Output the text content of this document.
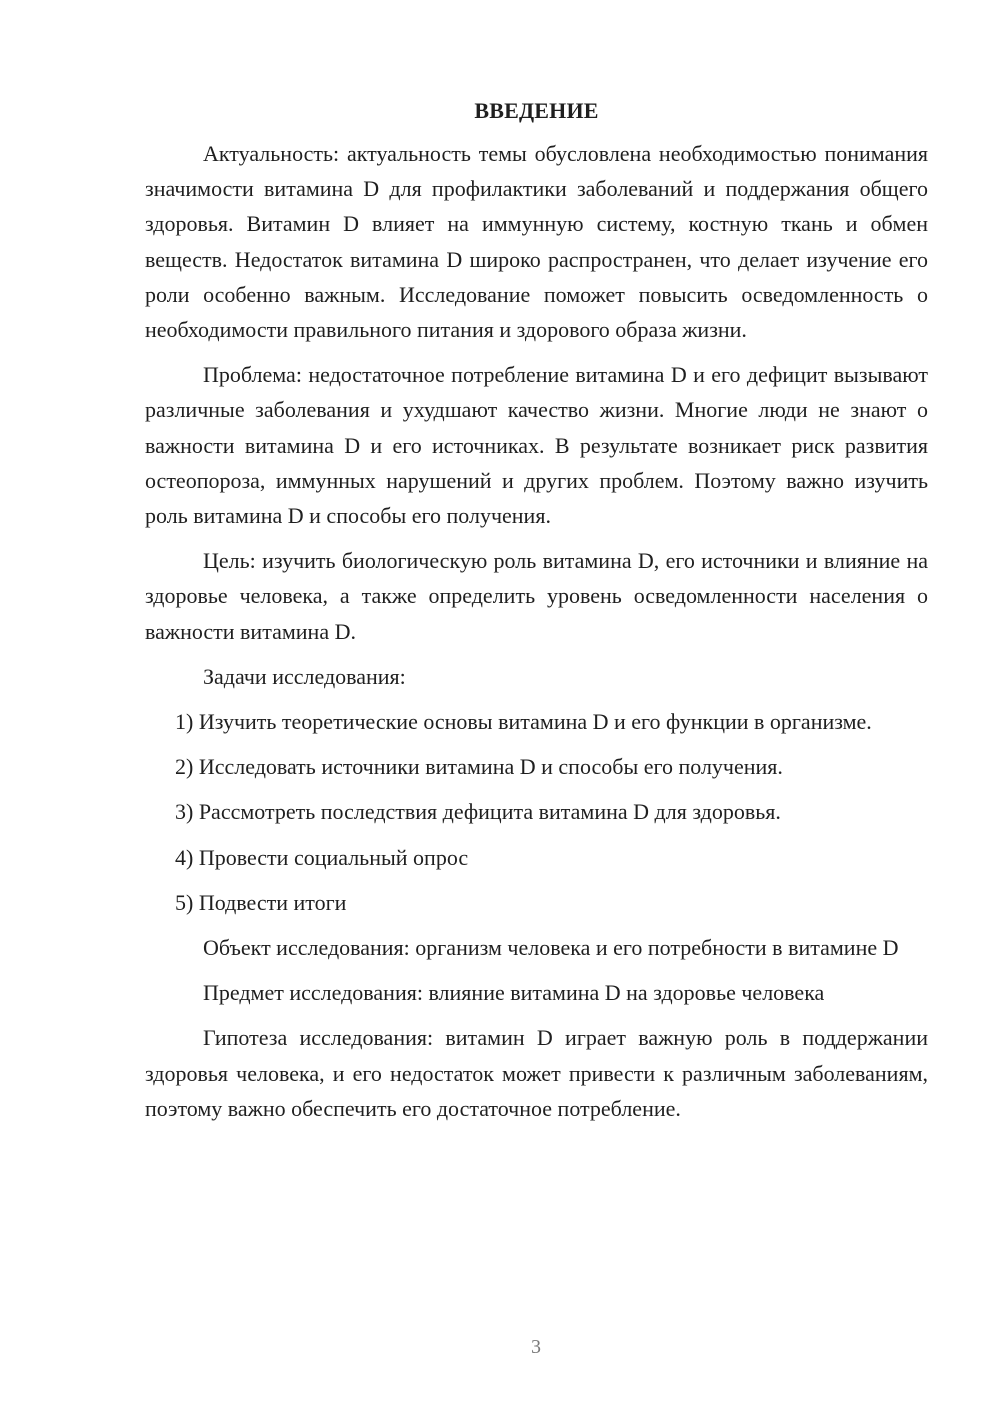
ВВЕДЕНИЕ

Актуальность: актуальность темы обусловлена необходимостью понимания значимости витамина D для профилактики заболеваний и поддержания общего здоровья. Витамин D влияет на иммунную систему, костную ткань и обмен веществ. Недостаток витамина D широко распространен, что делает изучение его роли особенно важным. Исследование поможет повысить осведомленность о необходимости правильного питания и здорового образа жизни.

Проблема: недостаточное потребление витамина D и его дефицит вызывают различные заболевания и ухудшают качество жизни. Многие люди не знают о важности витамина D и его источниках. В результате возникает риск развития остеопороза, иммунных нарушений и других проблем. Поэтому важно изучить роль витамина D и способы его получения.

Цель: изучить биологическую роль витамина D, его источники и влияние на здоровье человека, а также определить уровень осведомленности населения о важности витамина D.

Задачи исследования:

1) Изучить теоретические основы витамина D и его функции в организме.

2) Исследовать источники витамина D и способы его получения.

3) Рассмотреть последствия дефицита витамина D для здоровья.

4) Провести социальный опрос

5) Подвести итоги

Объект исследования: организм человека и его потребности в витамине D

Предмет исследования: влияние витамина D на здоровье человека

Гипотеза исследования: витамин D играет важную роль в поддержании здоровья человека, и его недостаток может привести к различным заболеваниям, поэтому важно обеспечить его достаточное потребление.

3
